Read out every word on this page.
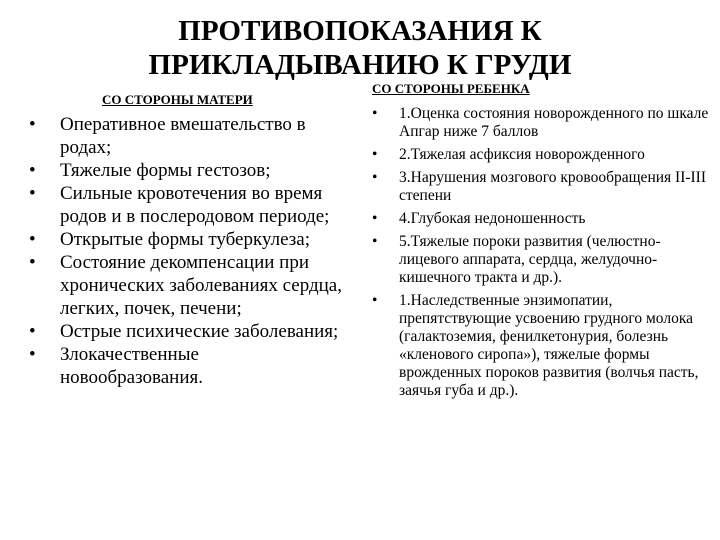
ПРОТИВОПОКАЗАНИЯ К
ПРИКЛАДЫВАНИЮ К ГРУДИ
СО СТОРОНЫ МАТЕРИ
СО СТОРОНЫ РЕБЕНКА
• Оперативное вмешательство в родах;
• Тяжелые формы гестозов;
• Сильные кровотечения во время родов и в послеродовом периоде;
• Открытые формы туберкулеза;
• Состояние декомпенсации при хронических заболеваниях сердца, легких, почек, печени;
• Острые психические заболевания;
• Злокачественные новообразования.
• 1.Оценка состояния новорожденного по шкале Апгар ниже 7 баллов
• 2.Тяжелая асфиксия новорожденного
• 3.Нарушения мозгового кровообращения II-III степени
• 4.Глубокая недоношенность
• 5.Тяжелые пороки развития (челюстно-лицевого аппарата, сердца, желудочно-кишечного тракта и др.).
• 1.Наследственные энзимопатии, препятствующие усвоению грудного молока (галактоземия, фенилкетонурия, болезнь «кленового сиропа»), тяжелые формы врожденных пороков развития (волчья пасть, заячья губа и др.).
